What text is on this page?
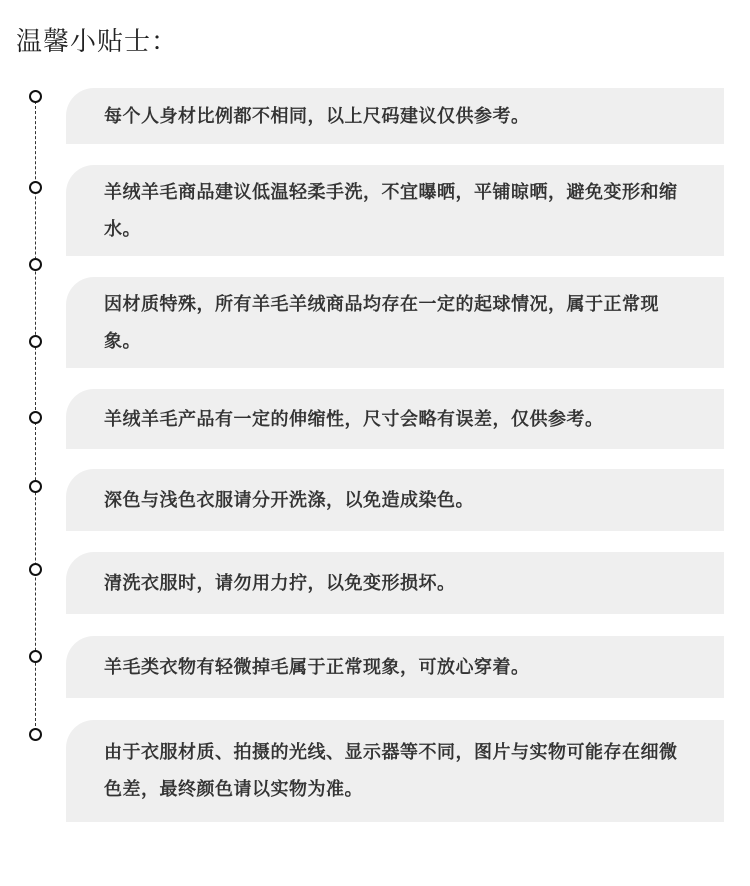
温馨小贴士：

每个人身材比例都不相同，以上尺码建议仅供参考。

羊绒羊毛商品建议低温轻柔手洗，不宜曝晒，平铺晾晒，避免变形和缩水。

因材质特殊，所有羊毛羊绒商品均存在一定的起球情况，属于正常现象。

羊绒羊毛产品有一定的伸缩性，尺寸会略有误差，仅供参考。

深色与浅色衣服请分开洗涤，以免造成染色。

清洗衣服时，请勿用力拧，以免变形损坏。

羊毛类衣物有轻微掉毛属于正常现象，可放心穿着。

由于衣服材质、拍摄的光线、显示器等不同，图片与实物可能存在细微色差，最终颜色请以实物为准。
